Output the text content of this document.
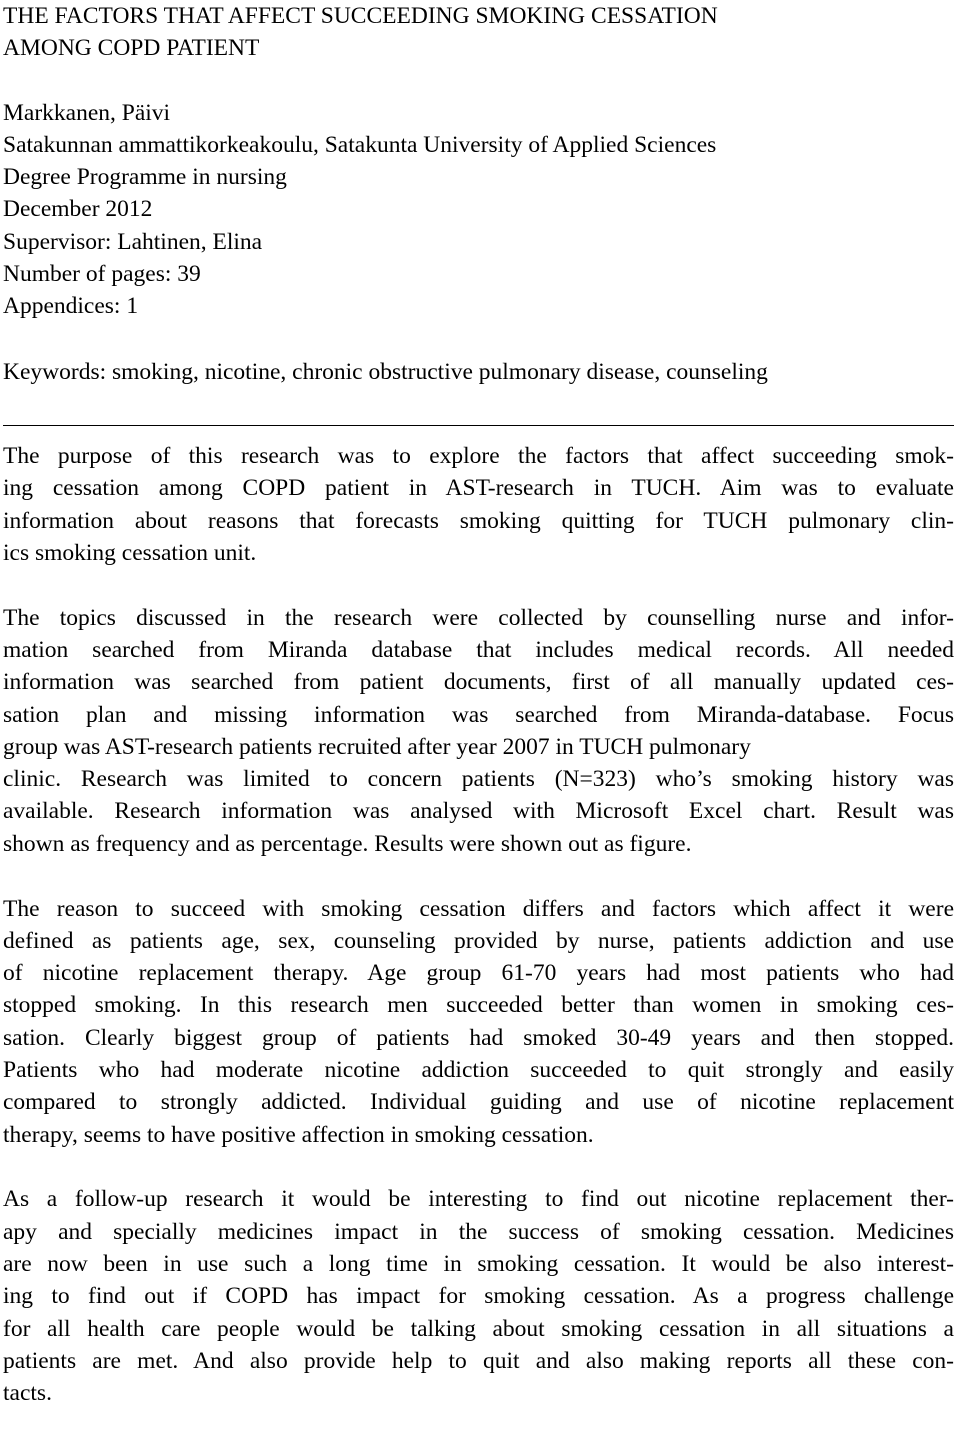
THE FACTORS THAT AFFECT SUCCEEDING SMOKING CESSATION
AMONG COPD PATIENT
Markkanen, Päivi
Satakunnan ammattikorkeakoulu, Satakunta University of Applied Sciences
Degree Programme in nursing
December 2012
Supervisor: Lahtinen, Elina
Number of pages: 39
Appendices: 1
Keywords: smoking, nicotine, chronic obstructive pulmonary disease, counseling
The purpose of this research was to explore the factors that affect succeeding smok-
ing cessation among COPD patient in AST-research in TUCH. Aim was to evaluate
information about reasons that forecasts smoking quitting for TUCH pulmonary clin-
ics smoking cessation unit.
The topics discussed in the research were collected by counselling nurse and infor-
mation searched from Miranda database that includes medical records. All needed
information was searched from patient documents, first of all manually updated ces-
sation plan and missing information was searched from Miranda-database. Focus
group was AST-research patients recruited after year 2007 in TUCH pulmonary
clinic. Research was limited to concern patients (N=323) who’s smoking history was
available. Research information was analysed with Microsoft Excel chart. Result was
shown as frequency and as percentage. Results were shown out as figure.
The reason to succeed with smoking cessation differs and factors which affect it were
defined as patients age, sex, counseling provided by nurse, patients addiction and use
of nicotine replacement therapy. Age group 61-70 years had most patients who had
stopped smoking. In this research men succeeded better than women in smoking ces-
sation. Clearly biggest group of patients had smoked 30-49 years and then stopped.
Patients who had moderate nicotine addiction succeeded to quit strongly and easily
compared to strongly addicted. Individual guiding and use of nicotine replacement
therapy, seems to have positive affection in smoking cessation.
As a follow-up research it would be interesting to find out nicotine replacement ther-
apy and specially medicines impact in the success of smoking cessation. Medicines
are now been in use such a long time in smoking cessation. It would be also interest-
ing to find out if COPD has impact for smoking cessation. As a progress challenge
for all health care people would be talking about smoking cessation in all situations a
patients are met. And also provide help to quit and also making reports all these con-
tacts.
